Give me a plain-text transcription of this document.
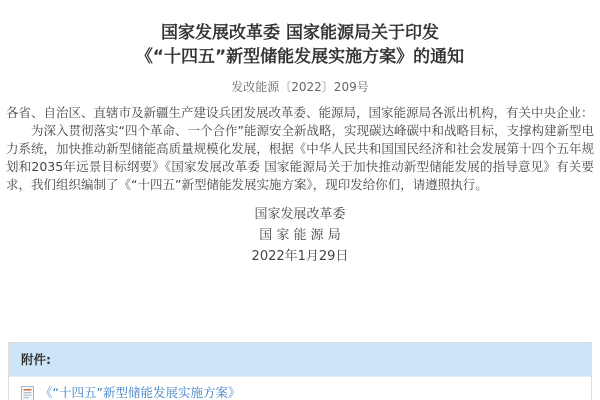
国家发展改革委 国家能源局关于印发
《“十四五”新型储能发展实施方案》的通知
发改能源〔2022〕209号

各省、自治区、直辖市及新疆生产建设兵团发展改革委、能源局，国家能源局各派出机构，有关中央企业：

为深入贯彻落实“四个革命、一个合作”能源安全新战略，实现碳达峰碳中和战略目标，支撑构建新型电力系统，加快推动新型储能高质量规模化发展，根据《中华人民共和国国民经济和社会发展第十四个五年规划和2035年远景目标纲要》《国家发展改革委 国家能源局关于加快推动新型储能发展的指导意见》有关要求，我们组织编制了《“十四五”新型储能发展实施方案》，现印发给你们，请遵照执行。

国家发展改革委
国 家 能 源 局
2022年1月29日
附件:
《“十四五”新型储能发展实施方案》
